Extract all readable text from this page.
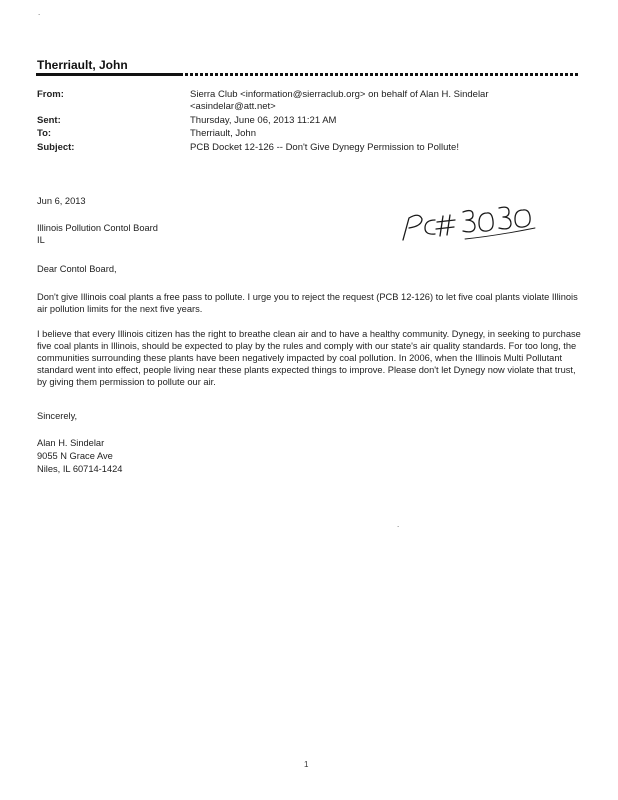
.
Therriault, John
From:	Sierra Club <information@sierraclub.org> on behalf of Alan H. Sindelar
<asindelar@att.net>
Sent:	Thursday, June 06, 2013 11:21 AM
To:	Therriault, John
Subject:	PCB Docket 12-126 -- Don't Give Dynegy Permission to Pollute!
Jun 6, 2013
Illinois Pollution Contol Board
IL
Dear Contol Board,
Don't give Illinois coal plants a free pass to pollute. I urge you to reject the request (PCB 12-126) to let five coal plants violate Illinois air pollution limits for the next five years.
I believe that every Illinois citizen has the right to breathe clean air and to have a healthy community. Dynegy, in seeking to purchase five coal plants in Illinois, should be expected to play by the rules and comply with our state's air quality standards. For too long, the communities surrounding these plants have been negatively impacted by coal pollution. In 2006, when the Illinois Multi Pollutant standard went into effect, people living near these plants expected things to improve. Please don't let Dynegy now violate that trust, by giving them permission to pollute our air.
Sincerely,
Alan H. Sindelar
9055 N Grace Ave
Niles, IL 60714-1424
.
1
